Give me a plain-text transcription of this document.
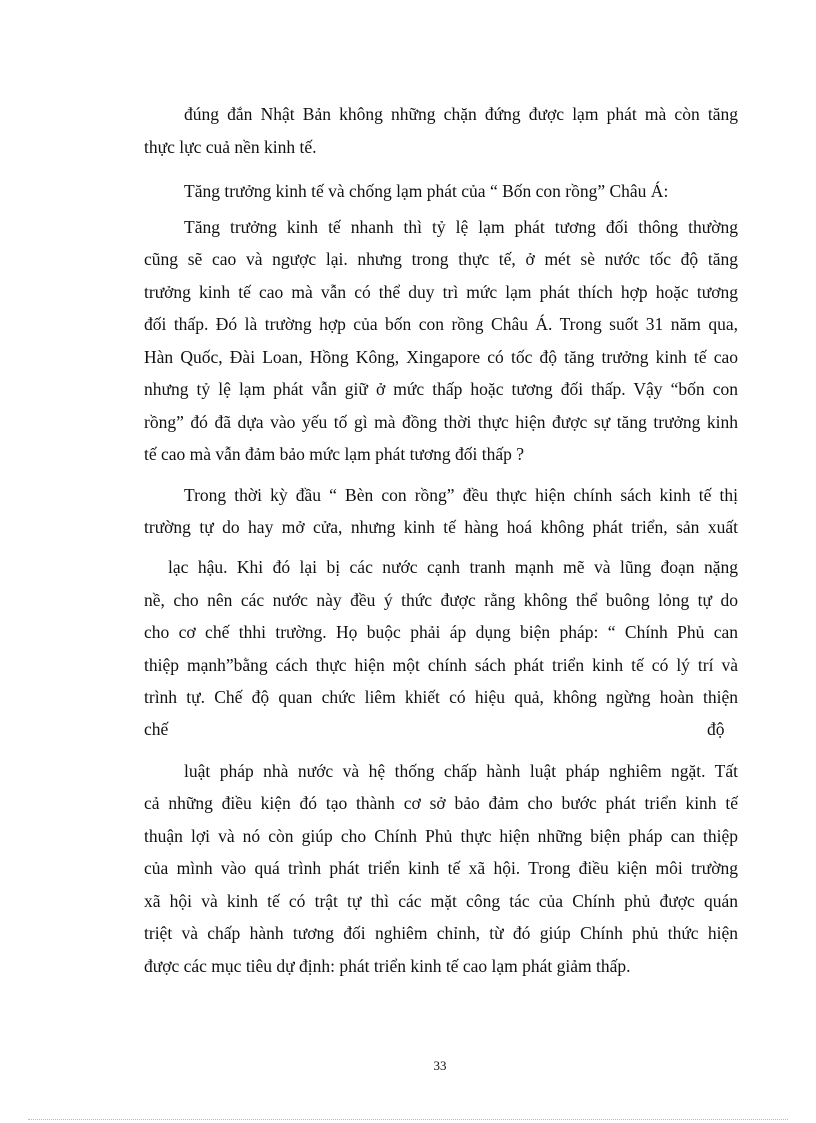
đúng đắn Nhật Bản không những chặn đứng được lạm phát mà còn tăng

thực lực cuả nền kinh tế.

Tăng trưởng kinh tế và chống lạm phát của “ Bốn con rồng” Châu Á:

Tăng trưởng kinh tế nhanh thì tỷ lệ lạm phát tương đối thông thường

cũng sẽ cao và ngược lại. nhưng trong thực tế, ở mét sè nước tốc độ tăng

trưởng kinh tế cao mà vẫn có thể duy trì mức lạm phát thích hợp hoặc tương

đối thấp. Đó là trường hợp của bốn con rồng Châu Á. Trong suốt 31 năm qua,

Hàn Quốc, Đài Loan, Hồng Kông, Xingapore có tốc độ tăng trưởng kinh tế cao

nhưng tỷ lệ lạm phát vẫn giữ ở mức thấp hoặc tương đối thấp. Vậy “bốn con

rồng” đó đã dựa vào yếu tố gì mà đồng thời thực hiện được sự tăng trưởng kinh

tế cao mà vẫn đảm bảo mức lạm phát tương đối thấp ?

Trong thời kỳ đầu “ Bèn con rồng” đều thực hiện chính sách kinh tế thị

trường tự do hay mở cửa, nhưng kinh tế hàng hoá không phát triển, sản xuất

lạc hậu. Khi đó lại bị các nước cạnh tranh mạnh mẽ và lũng đoạn nặng

nề, cho nên các nước này đều ý thức được rằng không thể buông lỏng tự do

cho cơ chế thhi trường. Họ buộc phải áp dụng biện pháp: “ Chính Phủ can

thiệp mạnh”bằng cách thực hiện một chính sách phát triển kinh tế có lý trí và

trình tự. Chế độ quan chức liêm khiết có hiệu quả, không ngừng hoàn thiện

chế	độ

luật pháp nhà nước và hệ thống chấp hành luật pháp nghiêm ngặt. Tất

cả những điều kiện đó tạo thành cơ sở bảo đảm cho bước phát triển kinh tế

thuận lợi và nó còn giúp cho Chính Phủ thực hiện những biện pháp can thiệp

của mình vào quá trình phát triển kinh tế xã hội. Trong điều kiện môi trường

xã hội và kinh tế có trật tự thì các mặt công tác của Chính phủ được quán

triệt và chấp hành tương đối nghiêm chỉnh, từ đó giúp Chính phủ thức hiện

được các mục tiêu dự định: phát triển kinh tế cao lạm phát giảm thấp.

33
